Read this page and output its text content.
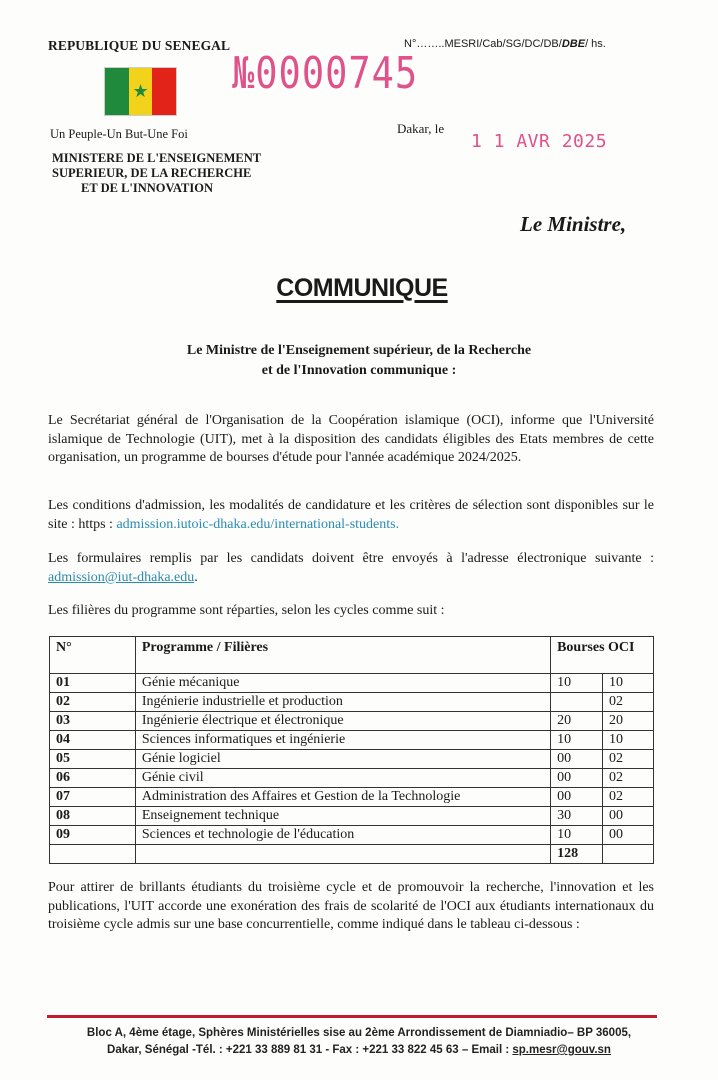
REPUBLIQUE DU SENEGAL
★
Un Peuple-Un But-Une Foi
MINISTERE DE L'ENSEIGNEMENT
SUPERIEUR, DE LA RECHERCHE
ET DE L'INNOVATION
N°……..MESRI/Cab/SG/DC/DB/DBE/ hs.
№0000745
Dakar, le
1 1 AVR 2025
Le Ministre,
COMMUNIQUE
Le Ministre de l'Enseignement supérieur, de la Recherche
et de l'Innovation communique :
Le Secrétariat général de l'Organisation de la Coopération islamique (OCI), informe que l'Université islamique de Technologie (UIT), met à la disposition des candidats éligibles des Etats membres de cette organisation, un programme de bourses d'étude pour l'année académique 2024/2025.
Les conditions d'admission, les modalités de candidature et les critères de sélection sont disponibles sur le site : https : admission.iutoic-dhaka.edu/international-students.
Les formulaires remplis par les candidats doivent être envoyés à l'adresse électronique suivante : admission@iut-dhaka.edu.
Les filières du programme sont réparties, selon les cycles comme suit :
N°	Programme / Filières	Bourses OCI	
01	Génie mécanique	10	10
02	Ingénierie industrielle et production		02
03	Ingénierie électrique et électronique	20	20
04	Sciences informatiques et ingénierie	10	10
05	Génie logiciel	00	02
06	Génie civil	00	02
07	Administration des Affaires et Gestion de la Technologie	00	02
08	Enseignement technique	30	00
09	Sciences et technologie de l'éducation	10	00
		128	
Pour attirer de brillants étudiants du troisième cycle et de promouvoir la recherche, l'innovation et les publications, l'UIT accorde une exonération des frais de scolarité de l'OCI aux étudiants internationaux du troisième cycle admis sur une base concurrentielle, comme indiqué dans le tableau ci-dessous :
Bloc A, 4ème étage, Sphères Ministérielles sise au 2ème Arrondissement de Diamniadio– BP 36005,
Dakar, Sénégal -Tél. : +221 33 889 81 31 - Fax : +221 33 822 45 63 – Email : sp.mesr@gouv.sn
